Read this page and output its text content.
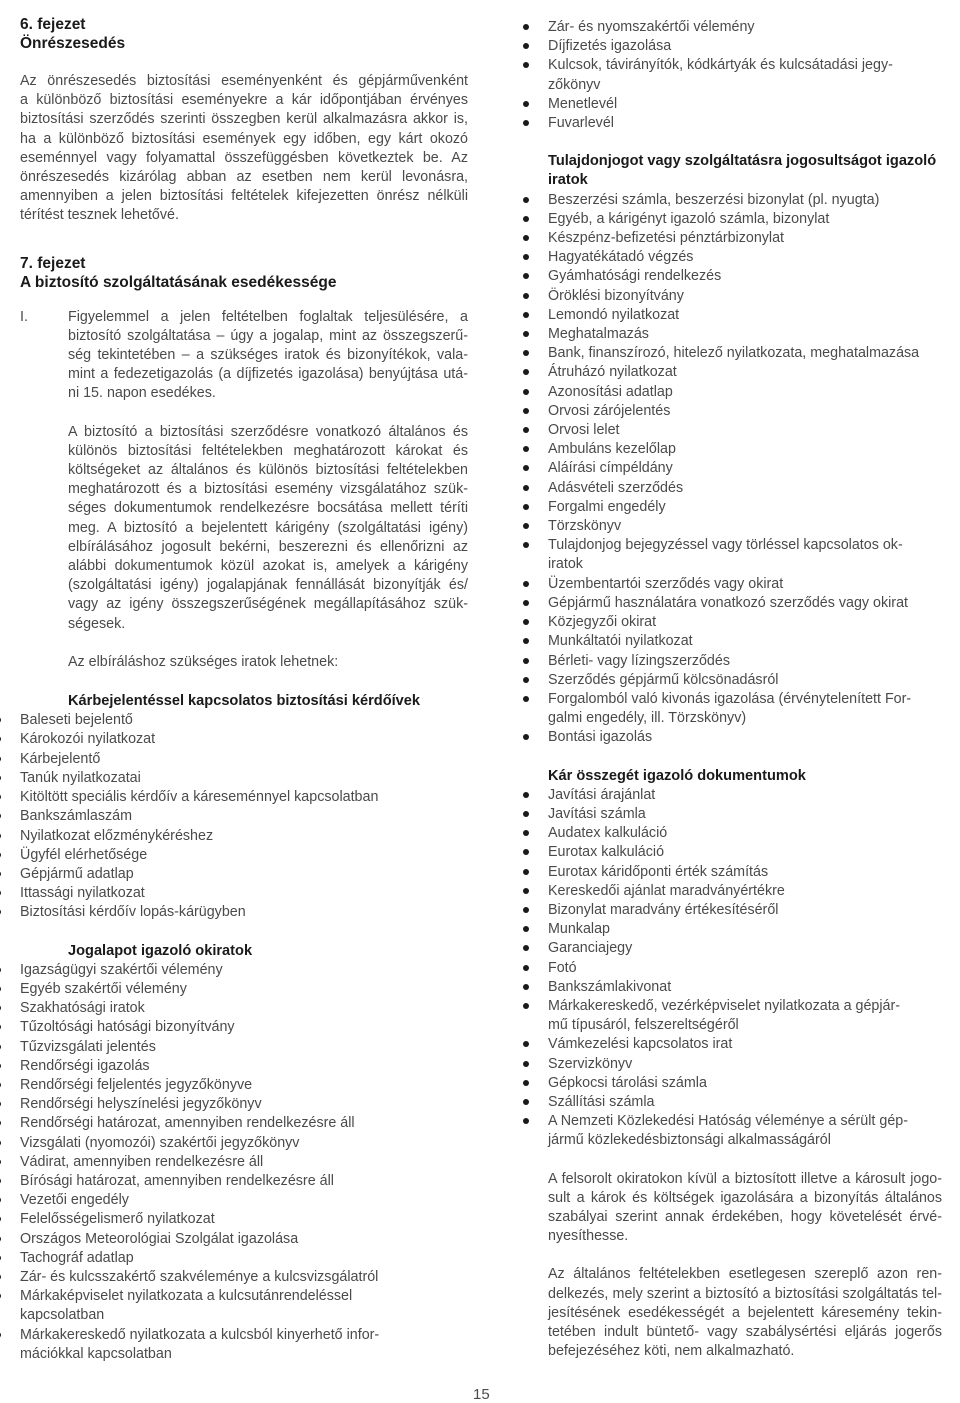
6. fejezet
Önrészesedés
Az önrészesedés biztosítási eseményenként és gépjárművenként
a különböző biztosítási eseményekre a kár időpontjában érvényes
biztosítási szerződés szerinti összegben kerül alkalmazásra akkor is,
ha a különböző biztosítási események egy időben, egy kárt okozó
eseménnyel vagy folyamattal összefüggésben következtek be. Az
önrészesedés kizárólag abban az esetben nem kerül levonásra,
amennyiben a jelen biztosítási feltételek kifejezetten önrész nélküli
térítést tesznek lehetővé.
7. fejezet
A biztosító szolgáltatásának esedékessége
I.	Figyelemmel a jelen feltételben foglaltak teljesülésére, a
biztosító szolgáltatása – úgy a jogalap, mint az összegszerű-
ség tekintetében – a szükséges iratok és bizonyítékok, vala-
mint a fedezetigazolás (a díjfizetés igazolása) benyújtása utá-
ni 15. napon esedékes.
A biztosító a biztosítási szerződésre vonatkozó általános és
különös biztosítási feltételekben meghatározott károkat és
költségeket az általános és különös biztosítási feltételekben
meghatározott és a biztosítási esemény vizsgálatához szük-
séges dokumentumok rendelkezésre bocsátása mellett téríti
meg. A biztosító a bejelentett kárigény (szolgáltatási igény)
elbírálásához jogosult bekérni, beszerezni és ellenőrizni az
alábbi dokumentumok közül azokat is, amelyek a kárigény
(szolgáltatási igény) jogalapjának fennállását bizonyítják és/
vagy az igény összegszerűségének megállapításához szük-
ségesek.

Az elbíráláshoz szükséges iratok lehetnek:

Kárbejelentéssel kapcsolatos biztosítási kérdőívek
Baleseti bejelentő
Károkozói nyilatkozat
Kárbejelentő
Tanúk nyilatkozatai
Kitöltött speciális kérdőív a káreseménnyel kapcsolatban
Bankszámlaszám
Nyilatkozat előzménykéréshez
Ügyfél elérhetősége
Gépjármű adatlap
Ittassági nyilatkozat
Biztosítási kérdőív lopás-kárügyben
Jogalapot igazoló okiratok
Igazságügyi szakértői vélemény
Egyéb szakértői vélemény
Szakhatósági iratok
Tűzoltósági hatósági bizonyítvány
Tűzvizsgálati jelentés
Rendőrségi igazolás
Rendőrségi feljelentés jegyzőkönyve
Rendőrségi helyszínelési jegyzőkönyv
Rendőrségi határozat, amennyiben rendelkezésre áll
Vizsgálati (nyomozói) szakértői jegyzőkönyv
Vádirat, amennyiben rendelkezésre áll
Bírósági határozat, amennyiben rendelkezésre áll
Vezetői engedély
Felelősségelismerő nyilatkozat
Országos Meteorológiai Szolgálat igazolása
Tachográf adatlap
Zár- és kulcsszakértő szakvéleménye a kulcsvizsgálatról
Márkaképviselet nyilatkozata a kulcsutánrendeléssel
kapcsolatban
Márkakereskedő nyilatkozata a kulcsból kinyerhető infor-
mációkkal kapcsolatban
Zár- és nyomszakértői vélemény
Díjfizetés igazolása
Kulcsok, távirányítók, kódkártyák és kulcsátadási jegy-
zőkönyv
Menetlevél
Fuvarlevél
Tulajdonjogot vagy szolgáltatásra jogosultságot igazoló
iratok
Beszerzési számla, beszerzési bizonylat (pl. nyugta)
Egyéb, a kárigényt igazoló számla, bizonylat
Készpénz-befizetési pénztárbizonylat
Hagyatékátadó végzés
Gyámhatósági rendelkezés
Öröklési bizonyítvány
Lemondó nyilatkozat
Meghatalmazás
Bank, finanszírozó, hitelező nyilatkozata, meghatalmazása
Átruházó nyilatkozat
Azonosítási adatlap
Orvosi zárójelentés
Orvosi lelet
Ambuláns kezelőlap
Aláírási címpéldány
Adásvételi szerződés
Forgalmi engedély
Törzskönyv
Tulajdonjog bejegyzéssel vagy törléssel kapcsolatos ok-
iratok
Üzembentartói szerződés vagy okirat
Gépjármű használatára vonatkozó szerződés vagy okirat
Közjegyzői okirat
Munkáltatói nyilatkozat
Bérleti- vagy lízingszerződés
Szerződés gépjármű kölcsönadásról
Forgalomból való kivonás igazolása (érvénytelenített For-
galmi engedély, ill. Törzskönyv)
Bontási igazolás
Kár összegét igazoló dokumentumok
Javítási árajánlat
Javítási számla
Audatex kalkuláció
Eurotax kalkuláció
Eurotax káridőponti érték számítás
Kereskedői ajánlat maradványértékre
Bizonylat maradvány értékesítéséről
Munkalap
Garanciajegy
Fotó
Bankszámlakivonat
Márkakereskedő, vezérképviselet nyilatkozata a gépjár-
mű típusáról, felszereltségéről
Vámkezelési kapcsolatos irat
Szervizkönyv
Gépkocsi tárolási számla
Szállítási számla
A Nemzeti Közlekedési Hatóság véleménye a sérült gép-
jármű közlekedésbiztonsági alkalmasságáról
A felsorolt okiratokon kívül a biztosított illetve a károsult jogo-
sult a károk és költségek igazolására a bizonyítás általános
szabályai szerint annak érdekében, hogy követelését érvé-
nyesíthesse.
Az általános feltételekben esetlegesen szereplő azon ren-
delkezés, mely szerint a biztosító a biztosítási szolgáltatás tel-
jesítésének esedékességét a bejelentett káresemény tekin-
tetében indult büntető- vagy szabálysértési eljárás jogerős
befejezéséhez köti, nem alkalmazható.
15
